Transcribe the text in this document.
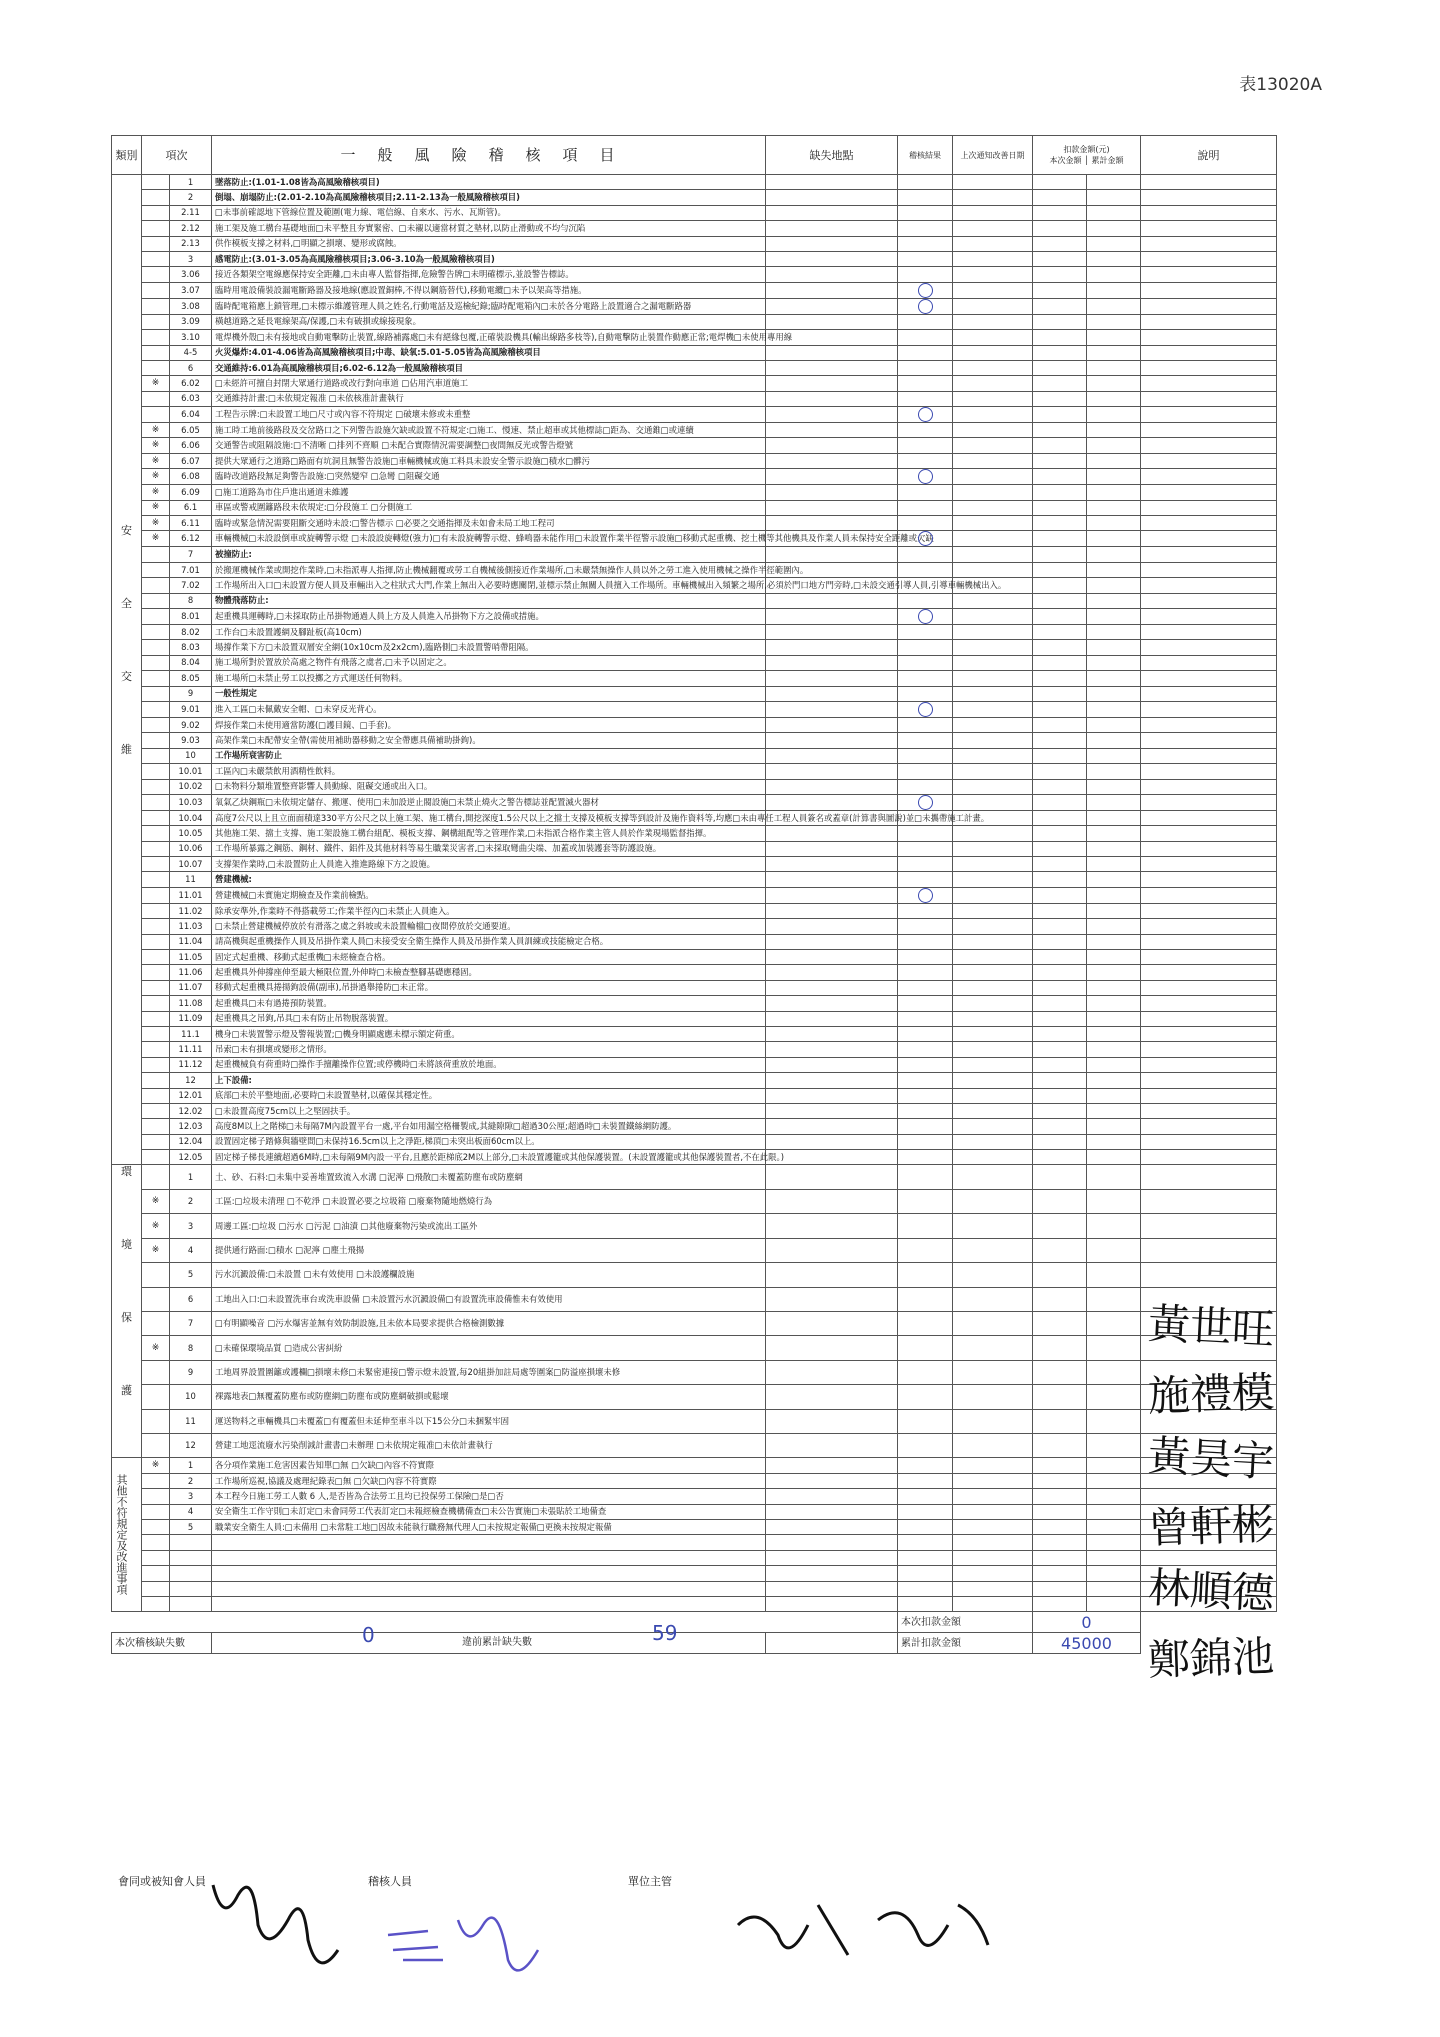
表13020A
類別	項次		一般風險稽核項目	缺失地點	稽核結果	上次通知改善日期	扣款金額(元)
本次金額 │ 累計金額		說明

安
全
交
維		1	墜落防止:(1.01-1.08皆為高風險稽核項目)						
		2	倒塌、崩塌防止:(2.01-2.10為高風險稽核項目;2.11-2.13為一般風險稽核項目)						
		2.11	□未事前確認地下管線位置及範圍(電力線、電信線、自來水、污水、瓦斯管)。						
		2.12	施工架及施工構台基礎地面□未平整且夯實緊密、□未襯以適當材質之墊材,以防止滑動或不均勻沉陷						
		2.13	供作模板支撐之材料,□明顯之損壞、變形或腐蝕。						
		3	感電防止:(3.01-3.05為高風險稽核項目;3.06-3.10為一般風險稽核項目)						
		3.06	接近各類架空電線應保持安全距離,□未由專人監督指揮,危險警告牌□未明確標示,並設警告標誌。						
		3.07	臨時用電設備裝設漏電斷路器及接地線(應設置銅棒,不得以鋼筋替代),移動電纜□未予以架高等措施。						
		3.08	臨時配電箱應上鎖管理,□未標示維護管理人員之姓名,行動電話及巡檢紀錄;臨時配電箱內□未於各分電路上設置適合之漏電斷路器						
		3.09	橫越道路之延長電線架高/保護,□未有破損或線接現象。						
		3.10	電焊機外殼□未有接地或自動電擊防止裝置,線路補露處□未有絕緣包覆,正確裝設機具(輸出線路多枝等),自動電擊防止裝置作動應正常;電焊機□未使用專用線						
		4-5	火災爆炸:4.01-4.06皆為高風險稽核項目;中毒、缺氧:5.01-5.05皆為高風險稽核項目						
		6	交通維持:6.01為高風險稽核項目;6.02-6.12為一般風險稽核項目						
	※	6.02	□未經許可擅自封閉大眾通行道路或改行對向車道 □佔用汽車道施工						
		6.03	交通維持計畫:□未依規定報准 □未依核准計畫執行						
		6.04	工程告示牌:□未設置工地□尺寸或內容不符規定 □破壞未修或未重整						
	※	6.05	施工時工地前後路段及交岔路口之下列警告設施欠缺或設置不符規定:□施工、慢速、禁止超車或其他標誌□距為、交通錐□或連續						
	※	6.06	交通警告或阻隔設施:□不清晰 □排列不齊順 □未配合實際情況需要調整□夜間無反光或警告燈號						
	※	6.07	提供大眾通行之道路□路面有坑洞且無警告設施□車輛機械或施工料具未設安全警示設施□積水□髒污						
	※	6.08	臨時改道路段無足夠警告設施:□突然變窄 □急彎 □阻礙交通						
	※	6.09	□施工道路為市住戶進出通道未維護						
	※	6.1	車區或警戒圍籬路段未依規定:□分段施工 □分側施工						
	※	6.11	臨時或緊急情況需要阻斷交通時未設:□警告標示 □必要之交通指揮及未如會未局工地工程司						
	※	6.12	車輛機械□未設設倒車或旋轉警示燈 □未設設旋轉燈(強力)□有未設旋轉警示燈、蜂鳴器未能作用□未設置作業半徑警示設施□移動式起重機、挖土機等其他機具及作業人員未保持安全距離或欠缺						
		7	被撞防止:						
		7.01	於搬運機械作業或開挖作業時,□未指派專人指揮,防止機械翻覆或勞工自機械後側接近作業場所,□未嚴禁無操作人員以外之勞工進入使用機械之操作半徑範圍內。						
		7.02	工作場所出入口□未設置方便人員及車輛出入之柱狀式大門,作業上無出入必要時應關閉,並標示禁止無關人員擅入工作場所。車輛機械出入頻繁之場所,必須於門口地方門旁時,□未設交通引導人員,引導車輛機械出入。						
		8	物體飛落防止:						
		8.01	起重機具運轉時,□未採取防止吊掛物通過人員上方及人員進入吊掛物下方之設備或措施。						
		8.02	工作台□未設置護網及腳趾板(高10cm)						
		8.03	場撐作業下方□未設置双層安全網(10x10cm及2x2cm),臨路側□未設置警哨帶阻隔。						
		8.04	施工場所對於置放於高處之物件有飛落之虞者,□未予以固定之。						
		8.05	施工場所□未禁止勞工以投擲之方式運送任何物料。						
		9	一般性規定						
		9.01	進入工區□未佩戴安全帽、□未穿反光背心。						
		9.02	焊接作業□未使用適當防護(□護目鏡、□手套)。						
		9.03	高架作業□未配帶安全帶(需使用補助器移動之安全帶應具備補助掛鉤)。						
		10	工作場所衰害防止						
		10.01	工區內□未嚴禁飲用酒精性飲料。						
		10.02	□未物料分類堆置整齊影響人員動線、阻礙交通或出入口。						
		10.03	氧氣乙炔鋼瓶□未依規定儲存、搬運、使用□未加設逆止閥設施□未禁止燒火之警告標誌並配置滅火器材						
		10.04	高度7公尺以上且立面面積達330平方公尺之以上施工架、施工構台,開挖深度1.5公尺以上之擋土支撐及模板支撐等到設計及施作資料等,均應□未由專任工程人員簽名或蓋章(計算書與圖說)並□未攜帶施工計畫。						
		10.05	其他施工架、擋土支撐、施工架設施工構台組配、模板支撐、鋼構組配等之管理作業,□未指派合格作業主管人員於作業現場監督指揮。						
		10.06	工作場所暴露之鋼筋、鋼材、鐵件、鋁件及其他材料等易生職業災害者,□未採取彎曲尖端、加蓋或加裝護套等防護設施。						
		10.07	支撐架作業時,□未設置防止人員進入推進路線下方之設施。						
		11	營建機械:						
		11.01	營建機械□未實施定期檢查及作業前檢點。						
		11.02	除承安準外,作業時不得搭載勞工;作業半徑內□未禁止人員進入。						
		11.03	□未禁止營建機械停放於有滑落之虞之斜坡或未設置輪檔□夜間停放於交通要道。						
		11.04	請高機與起重機操作人員及吊掛作業人員□未接受安全衛生操作人員及吊掛作業人員訓練或技能檢定合格。						
		11.05	固定式起重機、移動式起重機□未經檢查合格。						
		11.06	起重機具外伸撐座伸至最大極限位置,外伸時□未檢查整腳基礎應穩固。						
		11.07	移動式起重機具捲揚鉤設備(副車),吊掛過舉捲防□未正常。						
		11.08	起重機具□未有過捲預防裝置。						
		11.09	起重機具之吊鉤,吊具□未有防止吊物脫落裝置。						
		11.1	機身□未裝置警示燈及警報裝置;□機身明顯處應未標示額定荷重。						
		11.11	吊索□未有損壞或變形之情形。						
		11.12	起重機械負有荷重時□操作手擅離操作位置;或停機時□未將該荷重放於地面。						
		12	上下設備:						
		12.01	底部□未於平整地面,必要時□未設置墊材,以確保其穩定性。						
		12.02	□未設置高度75cm以上之堅固扶手。						
		12.03	高度8M以上之階梯□未每隔7M內設置平台一處,平台如用漏空格柵製成,其縫隙隙□超過30公厘;超過時□未裝置鐵絲網防護。						
		12.04	設置固定梯子踏條與牆壁間□未保持16.5cm以上之淨距,梯頂□未突出板面60cm以上。						
		12.05	固定梯子梯長連續超過6M時,□未每隔9M內設一平台,且應於距梯底2M以上部分,□未設置護籠或其他保護裝置。(未設置護籠或其他保護裝置者,不在此限。)						

環
境
保
護		1	土、砂、石料:□未集中妥善堆置致流入水溝 □泥濘 □飛散□未覆蓋防塵布或防塵網						
	※	2	工區:□垃圾未清理 □不乾淨 □未設置必要之垃圾箱 □廢棄物隨地燃燒行為						
	※	3	周邊工區:□垃圾 □污水 □污泥 □油漬 □其他廢棄物污染或流出工區外						
	※	4	提供通行路面:□積水 □泥濘 □塵土飛揚						
		5	污水沉澱設備:□未設置 □未有效使用 □未設護欄設施						
		6	工地出入口:□未設置洗車台或洗車設備 □未設置污水沉澱設備□有設置洗車設備惟未有效使用						
		7	□有明顯噪音 □污水爆害並無有效防制設施,且未依本局要求提供合格檢測數據						
	※	8	□未確保環境品質 □造成公害糾紛						
		9	工地周界設置圍籬或護欄□損壞未修□未緊密連接□警示燈未設置,每20組掛加註局處等圍案□防溢座損壞未修						
		10	裸露地表□無覆蓋防塵布或防塵網□防塵布或防塵網破損或鬆壞						
		11	運送物料之車輛機具□未覆蓋□有覆蓋但未延伸至車斗以下15公分□未捆緊牢固						
		12	營建工地逕流廢水污染削減計畫書□未辦理 □未依規定報准□未依計畫執行						

其他不符規定及改進事項	※	1	各分項作業施工危害因素告知單□無 □欠缺□內容不符實際						
		2	工作場所巡視,協議及處理紀錄表□無 □欠缺□內容不符實際						
		3	本工程今日施工勞工人數 6 人,是否皆為合法勞工且均已投保勞工保險□是□否						
		4	安全衛生工作守則□未訂定□未會同勞工代表訂定□未報經檢查機構備查□未公告實施□未張貼於工地備查						
		5	職業安全衛生人員:□未備用 □未常駐工地□因故未能執行職務無代理人□未按規定報備□更換未按規定報備						

					本次扣款金額		0		
本次稽核缺失數			0 違前累計缺失數 59		累計扣款金額		45000		
會同或被知會人員	稽核人員	單位主管
黃世旺
施禮模
黃昊宇
曾軒彬
林順德
鄭錦池
